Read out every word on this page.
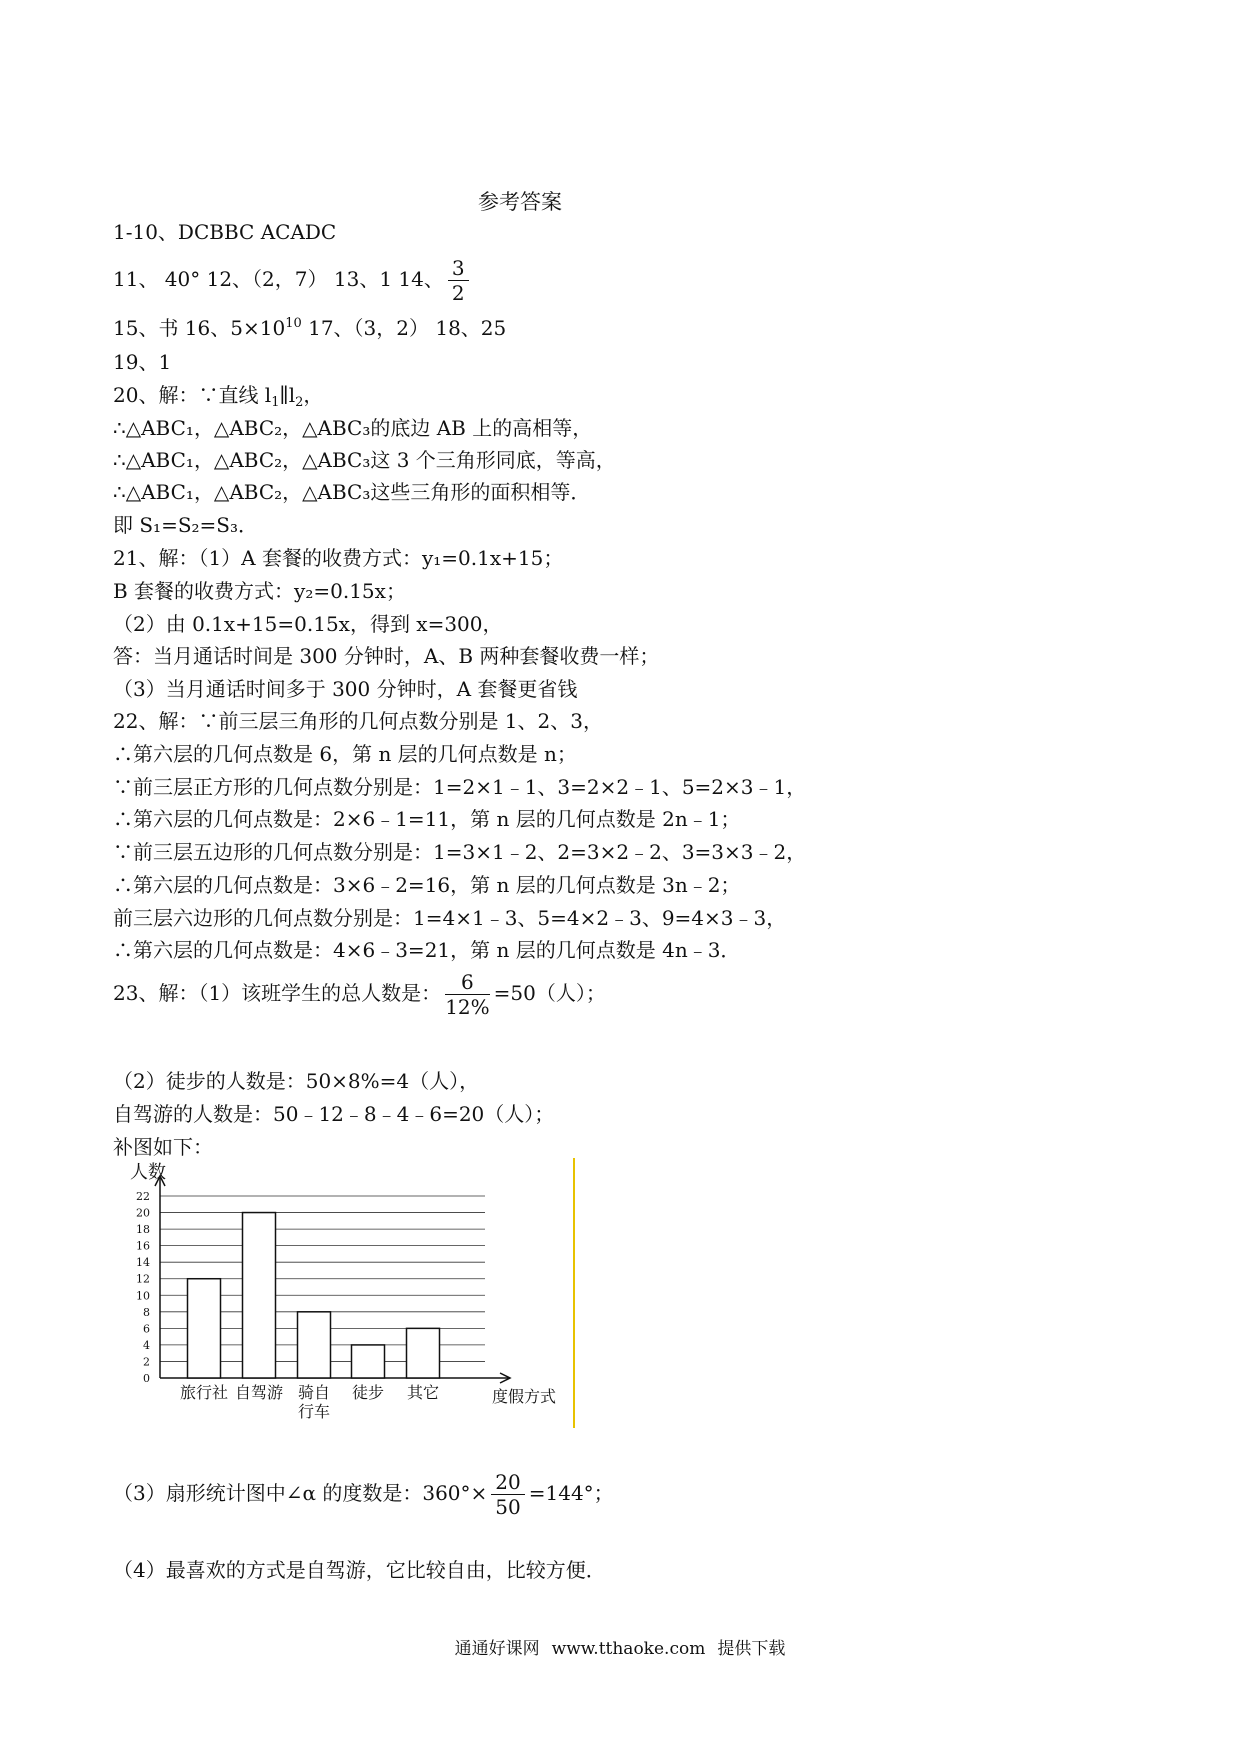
参考答案
1-10、DCBBC ACADC
11、 40° 12、（2，7） 13、1 14、 $\frac{3}{2}$
15、书 16、$5\times 10^{10}$ 17、（3，2） 18、25
19、1
20、解：∵直线 $l_1\parallel l_2$，
∴△ABC₁，△ABC₂，△ABC₃的底边 AB 上的高相等，
∴△ABC₁，△ABC₂，△ABC₃这 3 个三角形同底，等高，
∴△ABC₁，△ABC₂，△ABC₃这些三角形的面积相等．
即 S₁=S₂=S₃．
21、解：（1）A 套餐的收费方式：y₁=0.1x+15；
B 套餐的收费方式：y₂=0.15x；
（2）由 0.1x+15=0.15x，得到 x=300，
答：当月通话时间是 300 分钟时，A、B 两种套餐收费一样；
（3）当月通话时间多于 300 分钟时，A 套餐更省钱
22、解：∵前三层三角形的几何点数分别是 1、2、3，
∴第六层的几何点数是 6，第 n 层的几何点数是 n；
∵前三层正方形的几何点数分别是：1=2×1﹣1、3=2×2﹣1、5=2×3﹣1，
∴第六层的几何点数是：2×6﹣1=11，第 n 层的几何点数是 2n﹣1；
∵前三层五边形的几何点数分别是：1=3×1﹣2、2=3×2﹣2、3=3×3﹣2，
∴第六层的几何点数是：3×6﹣2=16，第 n 层的几何点数是 3n﹣2；
前三层六边形的几何点数分别是：1=4×1﹣3、5=4×2﹣3、9=4×3﹣3，
∴第六层的几何点数是：4×6﹣3=21，第 n 层的几何点数是 4n﹣3．
23、解：（1）该班学生的总人数是： $\frac{6}{12\%} =50$（人）；
（2）徒步的人数是：50×8%=4（人），
自驾游的人数是：50﹣12﹣8﹣4﹣6=20（人）；
补图如下：
0
2
4
6
8
10
12
14
16
18
20
22
人数
度假方式
旅行社 自驾游 骑自
行车
徒步 其它
（3）扇形统计图中∠α 的度数是：$360^\circ\times \frac{20}{50} =144^\circ$；
（4）最喜欢的方式是自驾游，它比较自由，比较方便．
通通好课网 www.tthaoke.com 提供下载
